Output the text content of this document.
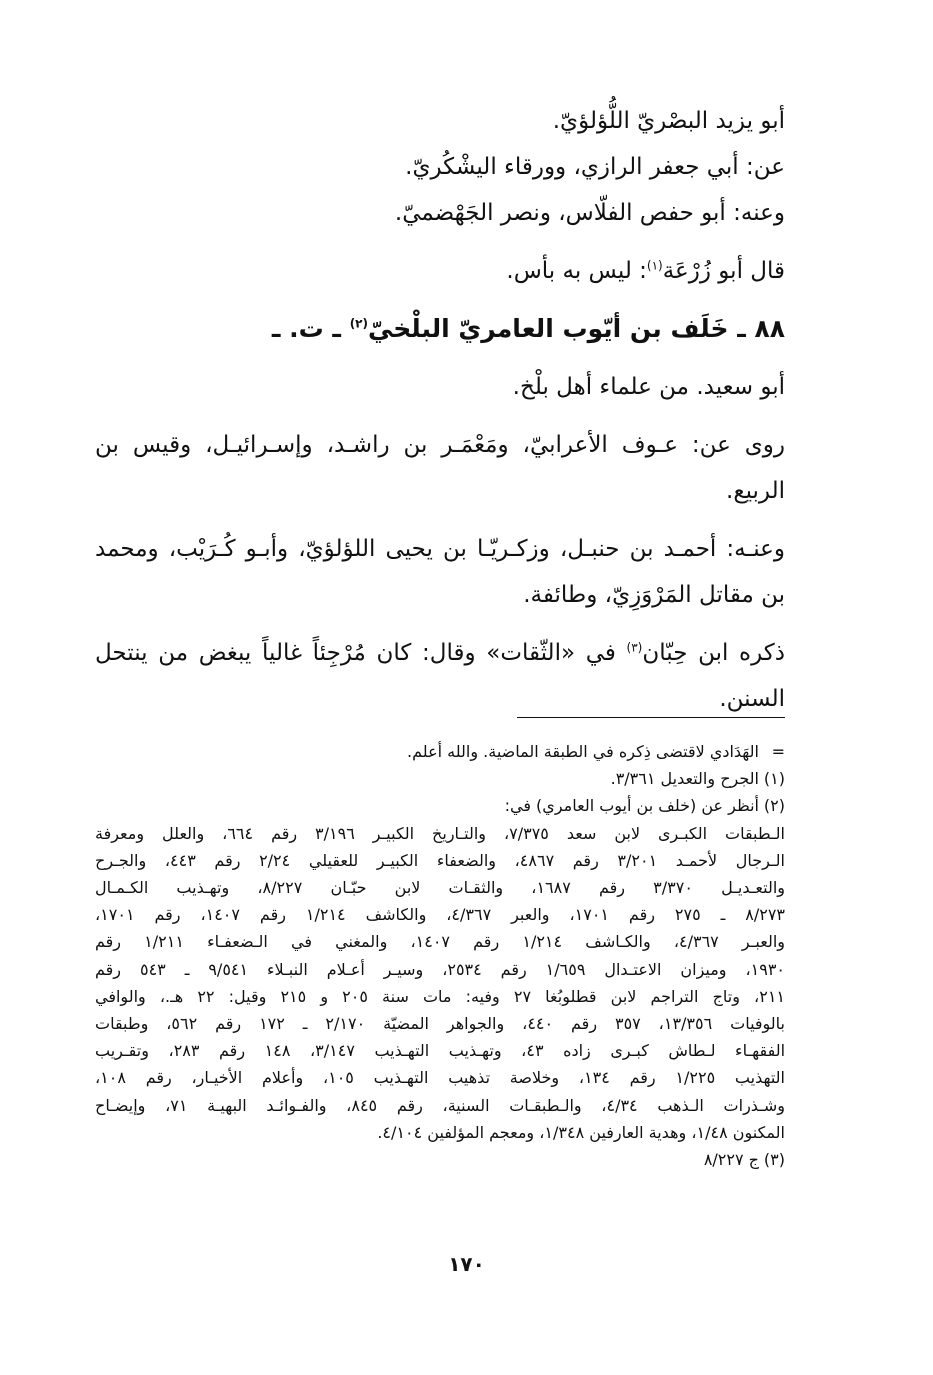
أبو يزيد البصْريّ اللُّؤلؤيّ.

عن: أبي جعفر الرازي، وورقاء اليشْكُريّ.

وعنه: أبو حفص الفلّاس، ونصر الجَهْضميّ.

قال أبو زُرْعَة$^{(١)}$: ليس به بأس.

٨٨ ـ خَلَف بن أيّوب العامريّ البلْخيّ$^{(٢)}$ ـ ت. ـ

أبو سعيد. من علماء أهل بلْخ.

روى عن: عـوف الأعرابيّ، ومَعْمَـر بن راشـد، وإسـرائيـل، وقيس بن الربيع.

وعنـه: أحمـد بن حنبـل، وزكـريّـا بن يحيى اللؤلؤيّ، وأبـو كُـرَيْب، ومحمد بن مقاتل المَرْوَزِيّ، وطائفة.

ذكره ابن حِبّان$^{(٣)}$ في «الثّقات» وقال: كان مُرْجِئاً غالياً يبغض من ينتحل السنن.

=الهَدَادي لاقتضى ذِكره في الطبقة الماضية. والله أعلم.

(١)الجرح والتعديل ٣/٣٦١.

(٢)أنظر عن (خلف بن أيوب العامري) في:

الـطبقات الكبـرى لابن سعد ٧/٣٧٥، والتـاريخ الكبيـر ٣/١٩٦ رقم ٦٦٤، والعلل ومعرفة

الـرجال لأحمـد ٣/٢٠١ رقم ٤٨٦٧، والضعفاء الكبيـر للعقيلي ٢/٢٤ رقم ٤٤٣، والجـرح

والتعـديـل ٣/٣٧٠ رقم ١٦٨٧، والثقـات لابن حبّـان ٨/٢٢٧، وتهـذيب الكـمـال

٨/٢٧٣ ـ ٢٧٥ رقم ١٧٠١، والعبر ٤/٣٦٧، والكاشف ١/٢١٤ رقم ١٤٠٧، رقم ١٧٠١،

والعبـر ٤/٣٦٧، والكـاشف ١/٢١٤ رقم ١٤٠٧، والمغني في الـضعفـاء ١/٢١١ رقم

١٩٣٠، وميزان الاعتـدال ١/٦٥٩ رقم ٢٥٣٤، وسيـر أعـلام النبـلاء ٩/٥٤١ ـ ٥٤٣ رقم

٢١١، وتاج التراجم لابن قطلوبُغا ٢٧ وفيه: مات سنة ٢٠٥ و ٢١٥ وقيل: ٢٢ هـ.، والوافي

بالوفيات ١٣/٣٥٦، ٣٥٧ رقم ٤٤٠، والجواهر المضيّة ٢/١٧٠ ـ ١٧٢ رقم ٥٦٢، وطبقات

الفقهـاء لـطاش كبـرى زاده ٤٣، وتهـذيب التهـذيب ٣/١٤٧، ١٤٨ رقم ٢٨٣، وتقـريب

التهذيب ١/٢٢٥ رقم ١٣٤، وخلاصة تذهيب التهـذيب ١٠٥، وأعلام الأخيـار، رقم ١٠٨،

وشـذرات الـذهب ٤/٣٤، والـطبقـات السنية، رقم ٨٤٥، والفـوائـد البهيـة ٧١، وإيضـاح

المكنون ١/٤٨، وهدية العارفين ١/٣٤٨، ومعجم المؤلفين ٤/١٠٤.

(٣)ج ٨/٢٢٧

١٧٠
